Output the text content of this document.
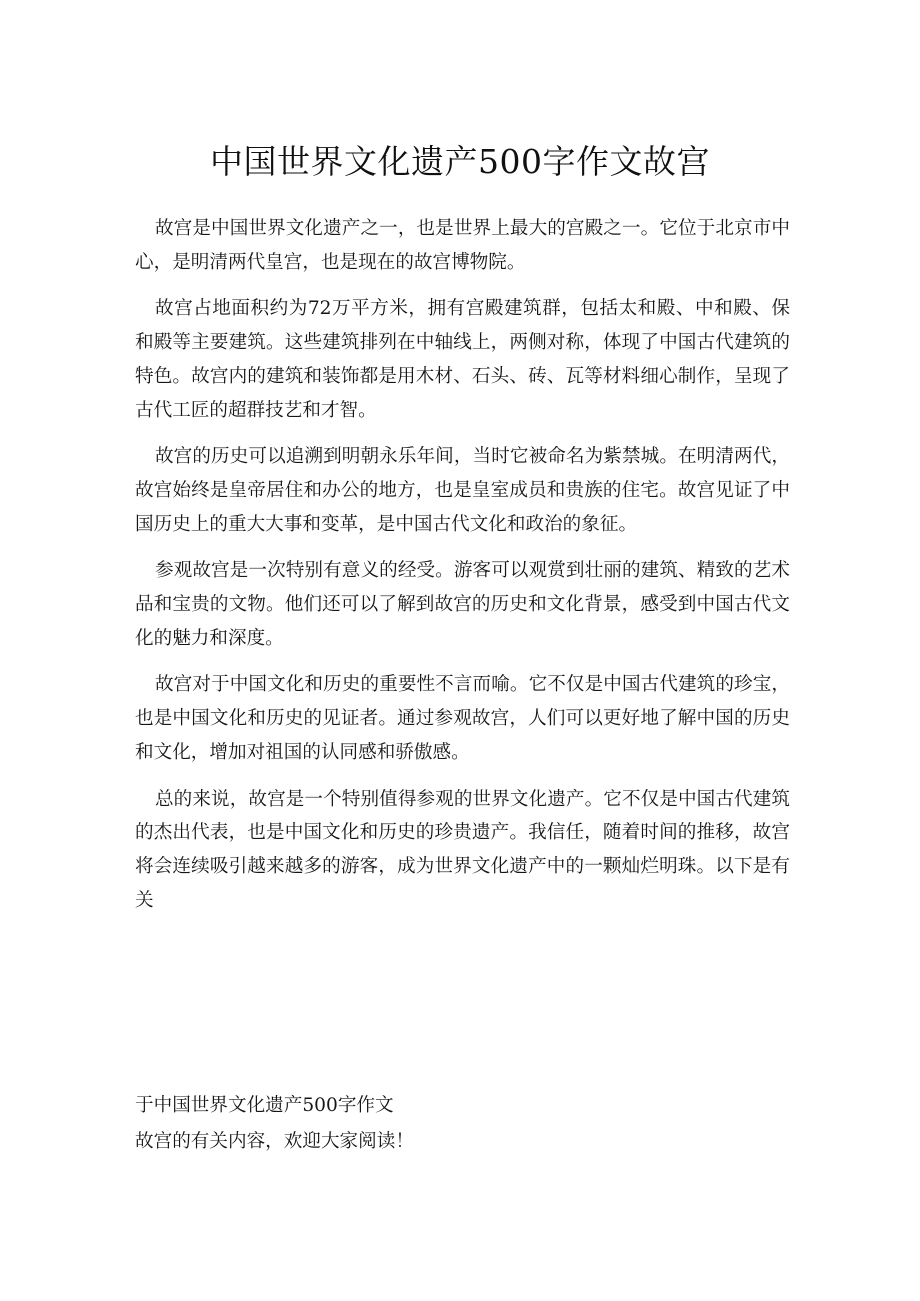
中国世界文化遗产500字作文故宫

故宫是中国世界文化遗产之一，也是世界上最大的宫殿之一。它位于北京市中心，是明清两代皇宫，也是现在的故宫博物院。

故宫占地面积约为72万平方米，拥有宫殿建筑群，包括太和殿、中和殿、保和殿等主要建筑。这些建筑排列在中轴线上，两侧对称，体现了中国古代建筑的特色。故宫内的建筑和装饰都是用木材、石头、砖、瓦等材料细心制作，呈现了古代工匠的超群技艺和才智。

故宫的历史可以追溯到明朝永乐年间，当时它被命名为紫禁城。在明清两代，故宫始终是皇帝居住和办公的地方，也是皇室成员和贵族的住宅。故宫见证了中国历史上的重大大事和变革，是中国古代文化和政治的象征。

参观故宫是一次特别有意义的经受。游客可以观赏到壮丽的建筑、精致的艺术品和宝贵的文物。他们还可以了解到故宫的历史和文化背景，感受到中国古代文化的魅力和深度。

故宫对于中国文化和历史的重要性不言而喻。它不仅是中国古代建筑的珍宝，也是中国文化和历史的见证者。通过参观故宫，人们可以更好地了解中国的历史和文化，增加对祖国的认同感和骄傲感。

总的来说，故宫是一个特别值得参观的世界文化遗产。它不仅是中国古代建筑的杰出代表，也是中国文化和历史的珍贵遗产。我信任，随着时间的推移，故宫将会连续吸引越来越多的游客，成为世界文化遗产中的一颗灿烂明珠。以下是有关

于中国世界文化遗产500字作文
故宫的有关内容，欢迎大家阅读！
